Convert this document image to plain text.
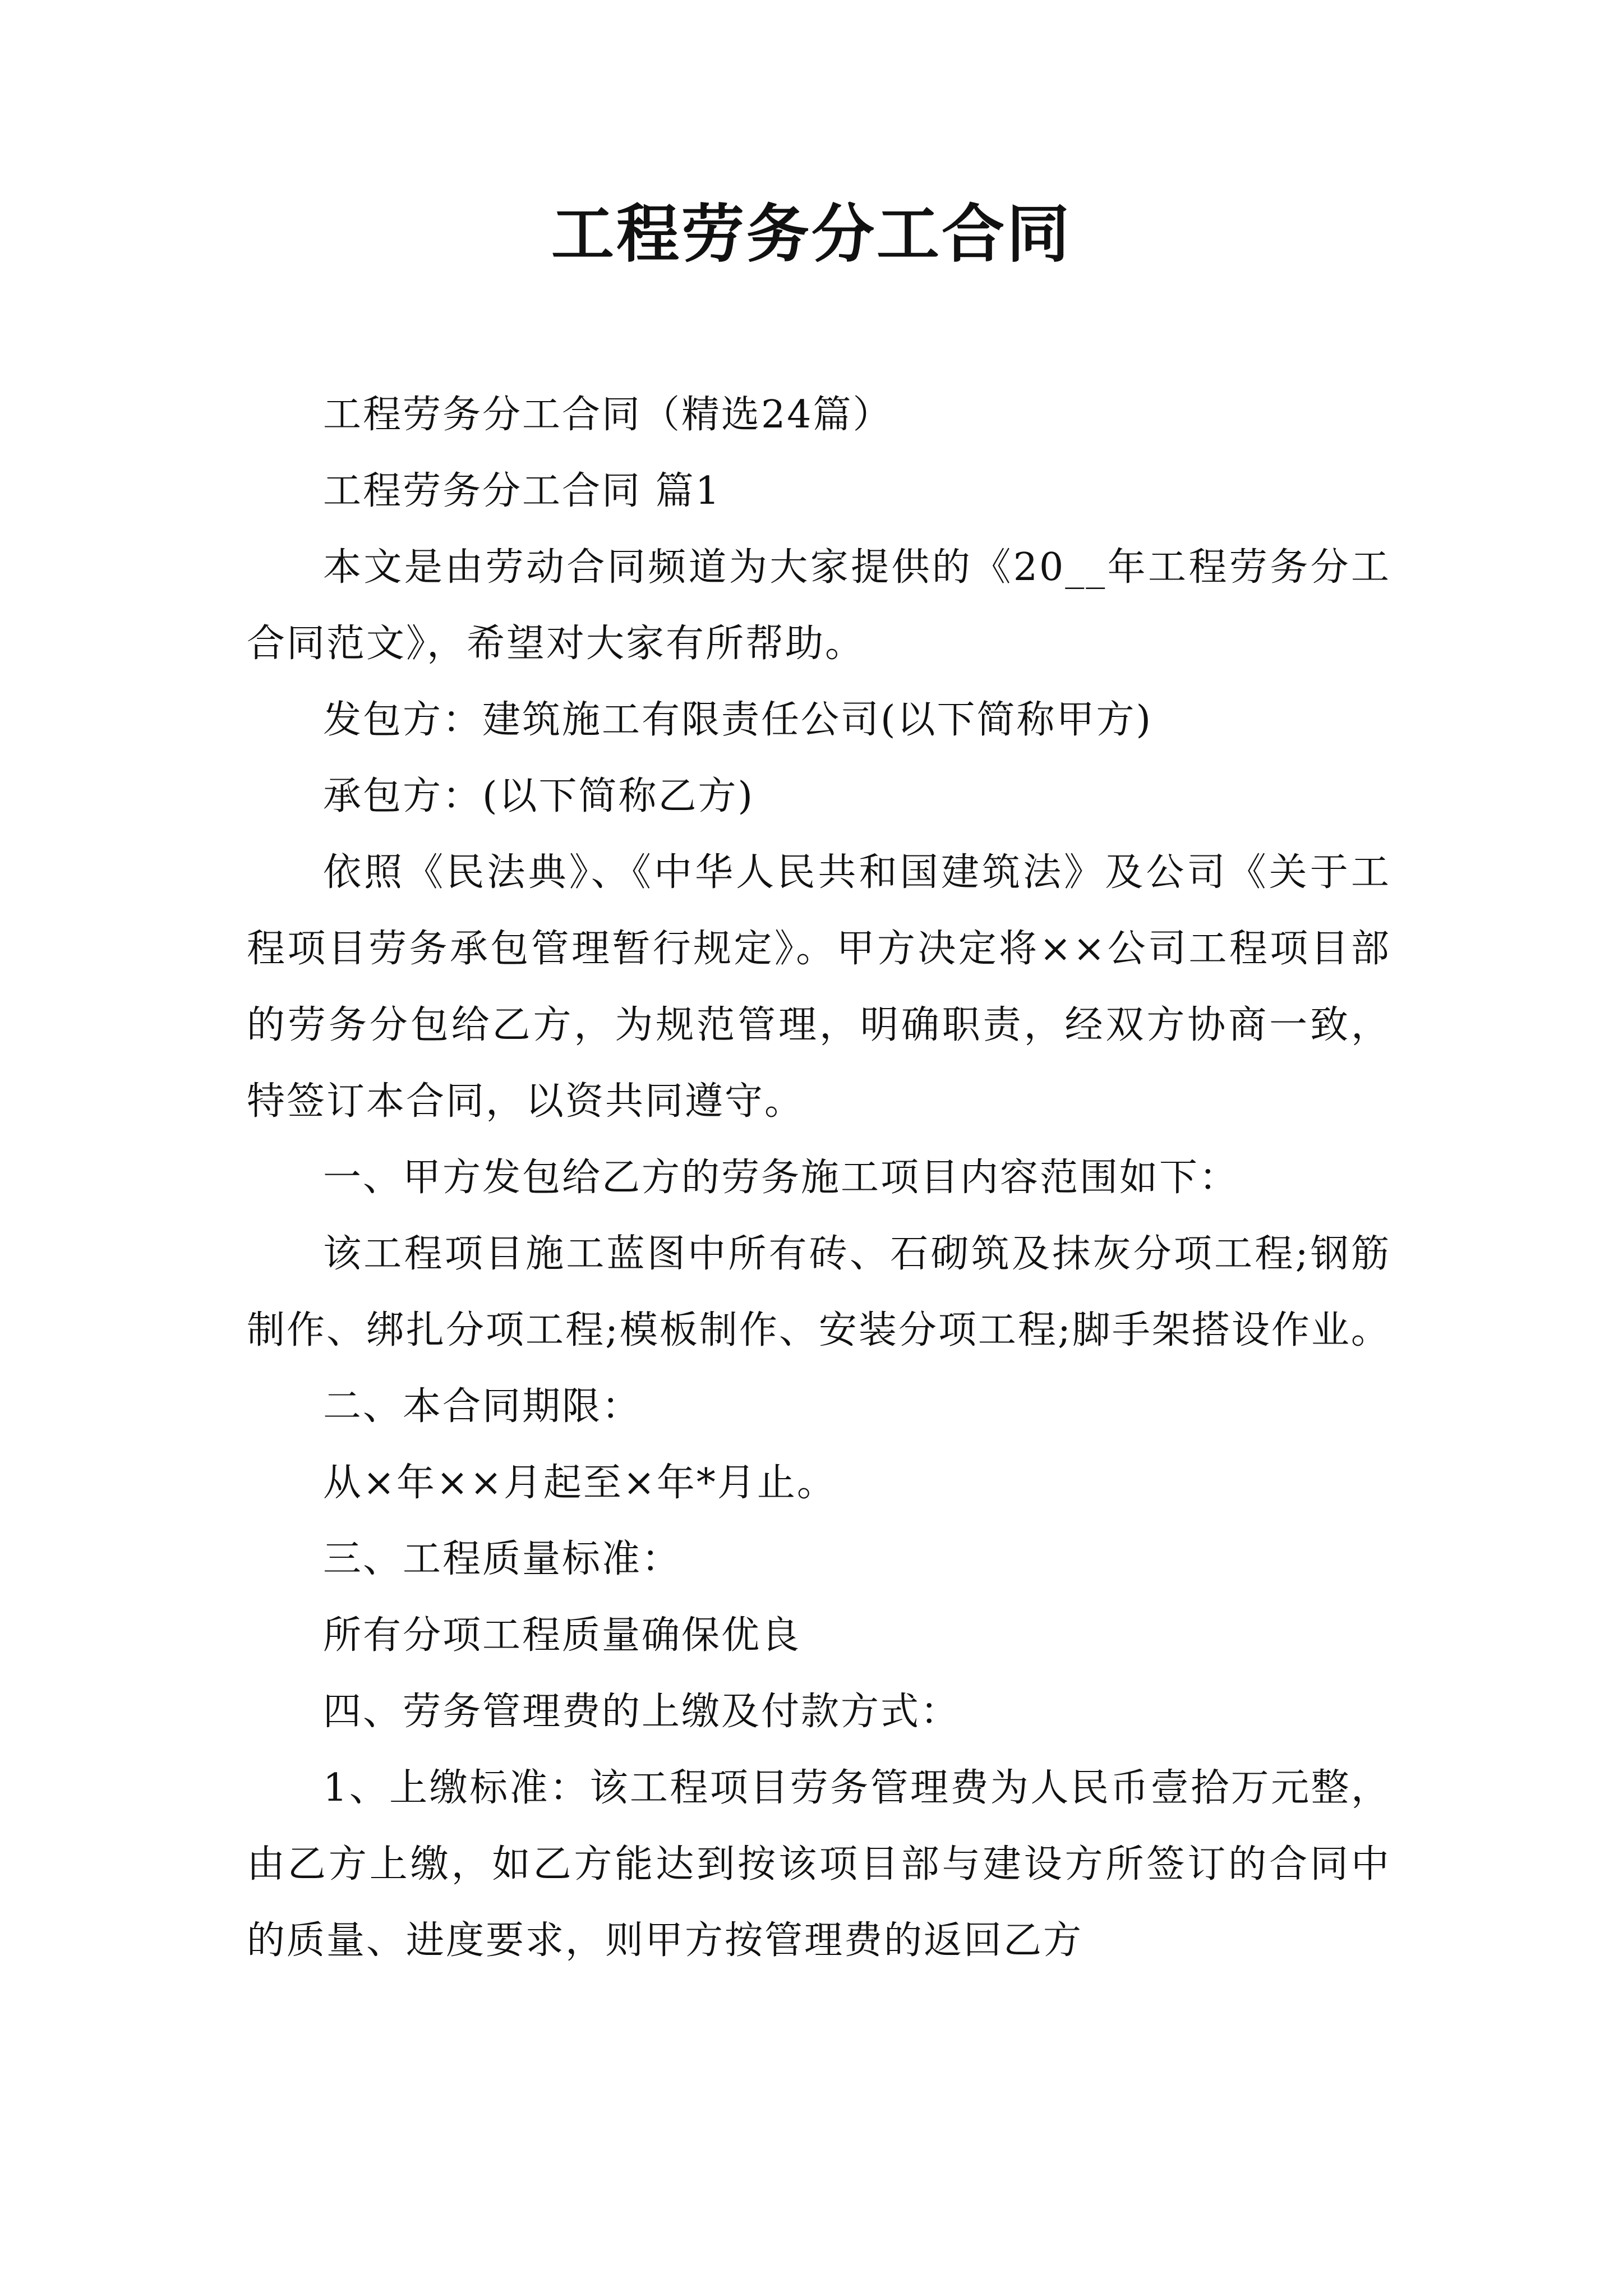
工程劳务分工合同

工程劳务分工合同（精选24篇）

工程劳务分工合同 篇1

本文是由劳动合同频道为大家提供的《20__年工程劳务分工合同范文》，希望对大家有所帮助。

发包方：建筑施工有限责任公司(以下简称甲方)

承包方：(以下简称乙方)

依照《民法典》、《中华人民共和国建筑法》及公司《关于工程项目劳务承包管理暂行规定》。甲方决定将××公司工程项目部的劳务分包给乙方，为规范管理，明确职责，经双方协商一致，特签订本合同，以资共同遵守。

一、甲方发包给乙方的劳务施工项目内容范围如下：

该工程项目施工蓝图中所有砖、石砌筑及抹灰分项工程;钢筋制作、绑扎分项工程;模板制作、安装分项工程;脚手架搭设作业。

二、本合同期限：

从×年××月起至×年*月止。

三、工程质量标准：

所有分项工程质量确保优良

四、劳务管理费的上缴及付款方式：

1、上缴标准：该工程项目劳务管理费为人民币壹拾万元整，由乙方上缴，如乙方能达到按该项目部与建设方所签订的合同中的质量、进度要求，则甲方按管理费的返回乙方
